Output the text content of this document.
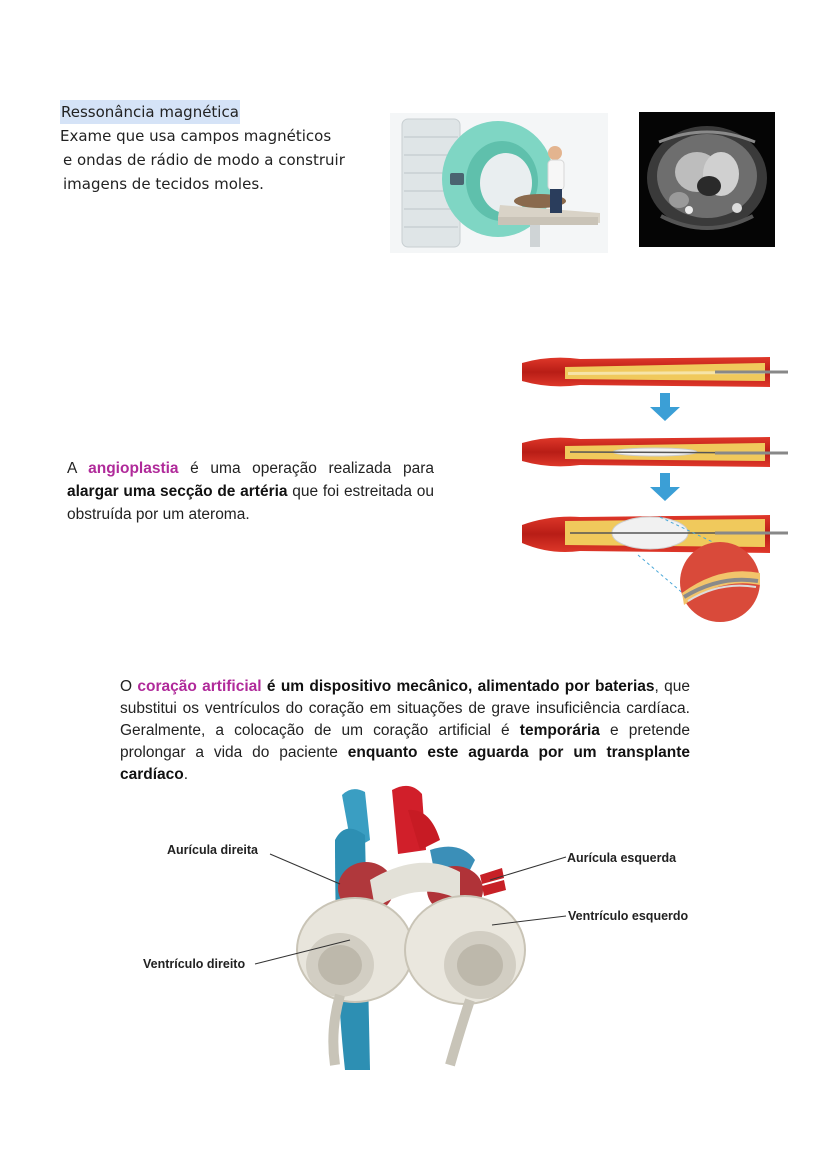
Ressonância magnética
Exame que usa campos magnéticos
e ondas de rádio de modo a construir
imagens de tecidos moles.
A angioplastia é uma operação realizada para alargar uma secção de artéria que foi estreitada ou obstruída por um ateroma.
O coração artificial é um dispositivo mecânico, alimentado por baterias, que substitui os ventrículos do coração em situações de grave insuficiência cardíaca. Geralmente, a colocação de um coração artificial é temporária e pretende prolongar a vida do paciente enquanto este aguarda por um transplante cardíaco.
Aurícula direita
Aurícula esquerda
Ventrículo esquerdo
Ventrículo direito
